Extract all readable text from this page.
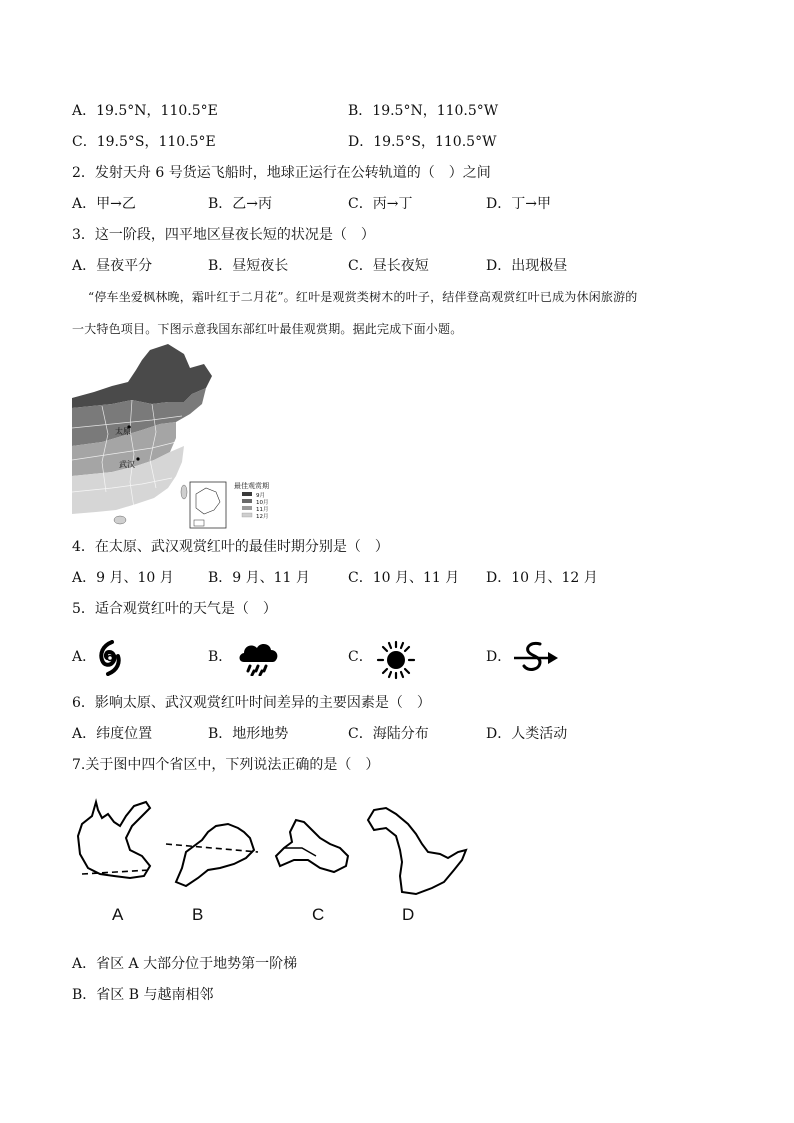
A．19.5°N，110.5°E	B．19.5°N，110.5°W
C．19.5°S，110.5°E	D．19.5°S，110.5°W
2．发射天舟 6 号货运飞船时，地球正运行在公转轨道的（　）之间
A．甲→乙	B．乙→丙	C．丙→丁	D．丁→甲
3．这一阶段，四平地区昼夜长短的状况是（　）
A．昼夜平分	B．昼短夜长	C．昼长夜短	D．出现极昼
“停车坐爱枫林晚，霜叶红于二月花”。红叶是观赏类树木的叶子，结伴登高观赏红叶已成为休闲旅游的
一大特色项目。下图示意我国东部红叶最佳观赏期。据此完成下面小题。
太原
武汉
最佳观赏期
9月
10月
11月
12月
4．在太原、武汉观赏红叶的最佳时期分别是（　）
A．9 月、10 月 B．9 月、11 月	C．10 月、11 月 D．10 月、12 月
5．适合观赏红叶的天气是（　）
A．	B．	C．	D．
6．影响太原、武汉观赏红叶时间差异的主要因素是（　）
A．纬度位置	B．地形地势	C．海陆分布	D．人类活动
7.关于图中四个省区中，下列说法正确的是（　）
A	B	C	D
A．省区 A 大部分位于地势第一阶梯
B．省区 B 与越南相邻
